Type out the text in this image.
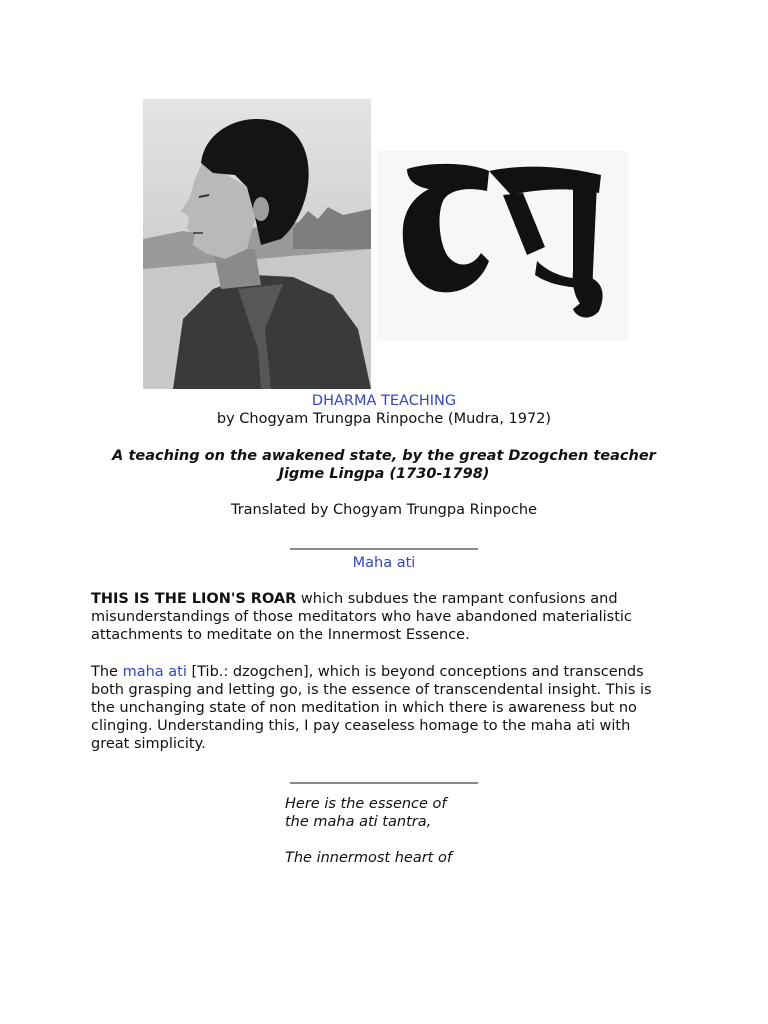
DHARMA TEACHING
by Chogyam Trungpa Rinpoche (Mudra, 1972)
A teaching on the awakened state, by the great Dzogchen teacher
Jigme Lingpa (1730-1798)
Translated by Chogyam Trungpa Rinpoche
Maha ati
THIS IS THE LION'S ROAR which subdues the rampant confusions and
misunderstandings of those meditators who have abandoned materialistic
attachments to meditate on the Innermost Essence.
The maha ati [Tib.: dzogchen], which is beyond conceptions and transcends
both grasping and letting go, is the essence of transcendental insight. This is
the unchanging state of non meditation in which there is awareness but no
clinging. Understanding this, I pay ceaseless homage to the maha ati with
great simplicity.
Here is the essence of
the maha ati tantra,
The innermost heart of
